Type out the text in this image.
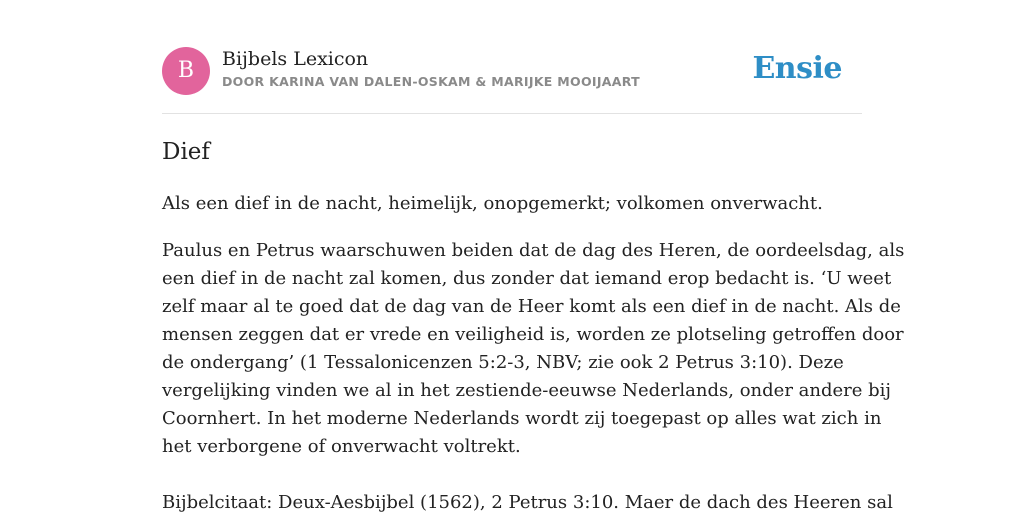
B	Bijbels Lexicon
DOOR KARINA VAN DALEN-OSKAM & MARIJKE MOOIJAART	Ensie
Dief

Als een dief in de nacht, heimelijk, onopgemerkt; volkomen onverwacht.

Paulus en Petrus waarschuwen beiden dat de dag des Heren, de oordeelsdag, als
een dief in de nacht zal komen, dus zonder dat iemand erop bedacht is. ‘U weet
zelf maar al te goed dat de dag van de Heer komt als een dief in de nacht. Als de
mensen zeggen dat er vrede en veiligheid is, worden ze plotseling getroffen door
de ondergang’ (1 Tessalonicenzen 5:2-3, NBV; zie ook 2 Petrus 3:10). Deze
vergelijking vinden we al in het zestiende-eeuwse Nederlands, onder andere bij
Coornhert. In het moderne Nederlands wordt zij toegepast op alles wat zich in
het verborgene of onverwacht voltrekt.

Bijbelcitaat: Deux-Aesbijbel (1562), 2 Petrus 3:10. Maer de dach des Heeren sal
